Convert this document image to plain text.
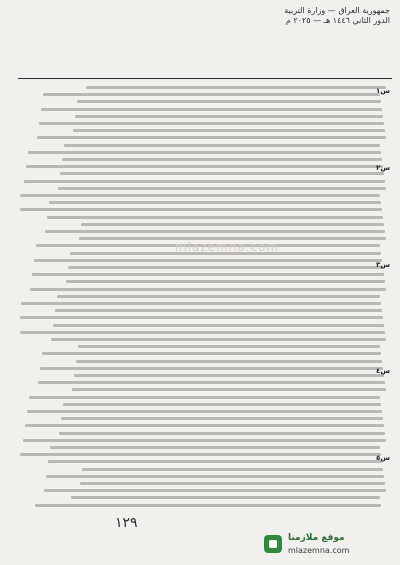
جمهورية العراق — وزارة التربية
الدور الثاني ١٤٤٦ هـ — ٢٠٢٥ م
س١
س٢
س٣
س٤
س٥
mlazemna.com
١٢٩
موقع ملازمنا
mlazemna.com
